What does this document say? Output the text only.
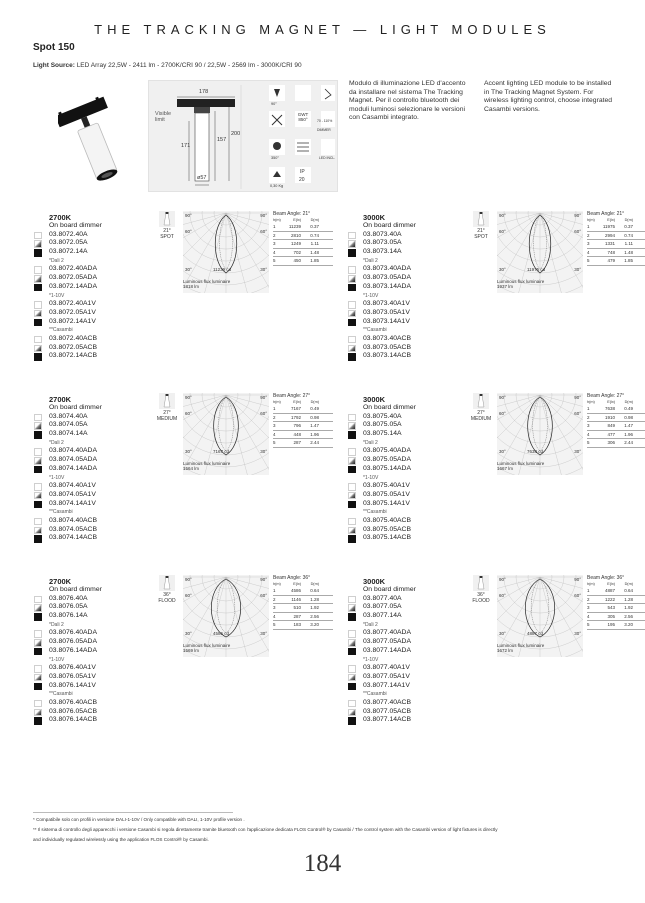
THE TRACKING MAGNET — LIGHT MODULES
Spot 150
Light Source: LED Array 22,5W - 2411 lm - 2700K/CRI 90 / 22,5W - 2569 lm - 3000K/CRI 90
Visible limit
178
171
157
200
ø57
90°
GWT 850°
DIMMER
70 - 110%
350°	LED INCL.
0,30 Kg
IP
20
Modulo di illuminazione LED d'accento da installare nel sistema The Tracking Magnet. Per il controllo bluetooth dei moduli luminosi selezionare le versioni con Casambi integrato.
Accent lighting LED module to be installed in The Tracking Magnet System. For wireless lighting control, choose integrated Casambi versions.
2700K
On board dimmer
03.8072.40A
03.8072.05A
03.8072.14A
*Dali 2
03.8072.40ADA
03.8072.05ADA
03.8072.14ADA
*1-10V
03.8072.40A1V
03.8072.05A1V
03.8072.14A1V
**Casambi
03.8072.40ACB
03.8072.05ACB
03.8072.14ACB
21°
SPOT
90°	90°
60°	60°
30°	30°
11239 cd
Luminous flux luminaire
1818 lm
Beam Angle: 21°
h(m)	E(lx)	D(m)
1	11239	0.37
2	2810	0.74
3	1249	1.11
4	702	1.48
5	450	1.85
3000K
On board dimmer
03.8073.40A
03.8073.05A
03.8073.14A
*Dali 2
03.8073.40ADA
03.8073.05ADA
03.8073.14ADA
*1-10V
03.8073.40A1V
03.8073.05A1V
03.8073.14A1V
**Casambi
03.8073.40ACB
03.8073.05ACB
03.8073.14ACB
21°
SPOT
90°	90°
60°	60°
30°	30°
11975 cd
Luminous flux luminaire
1937 lm
Beam Angle: 21°
h(m)	E(lx)	D(m)
1	11975	0.37
2	2994	0.74
3	1331	1.11
4	748	1.48
5	479	1.85
2700K
On board dimmer
03.8074.40A
03.8074.05A
03.8074.14A
*Dali 2
03.8074.40ADA
03.8074.05ADA
03.8074.14ADA
*1-10V
03.8074.40A1V
03.8074.05A1V
03.8074.14A1V
**Casambi
03.8074.40ACB
03.8074.05ACB
03.8074.14ACB
27°
MEDIUM
90°	90°
60°	60°
30°	30°
7167 cd
Luminous flux luminaire
1564 lm
Beam Angle: 27°
h(m)	E(lx)	D(m)
1	7167	0.49
2	1792	0.98
3	796	1.47
4	448	1.96
5	287	2.44
3000K
On board dimmer
03.8075.40A
03.8075.05A
03.8075.14A
*Dali 2
03.8075.40ADA
03.8075.05ADA
03.8075.14ADA
*1-10V
03.8075.40A1V
03.8075.05A1V
03.8075.14A1V
**Casambi
03.8075.40ACB
03.8075.05ACB
03.8075.14ACB
27°
MEDIUM
90°	90°
60°	60°
30°	30°
7638 cd
Luminous flux luminaire
1667 lm
Beam Angle: 27°
h(m)	E(lx)	D(m)
1	7638	0.49
2	1910	0.98
3	849	1.47
4	477	1.96
5	306	2.44
2700K
On board dimmer
03.8076.40A
03.8076.05A
03.8076.14A
*Dali 2
03.8076.40ADA
03.8076.05ADA
03.8076.14ADA
*1-10V
03.8076.40A1V
03.8076.05A1V
03.8076.14A1V
**Casambi
03.8076.40ACB
03.8076.05ACB
03.8076.14ACB
36°
FLOOD
90°	90°
60°	60°
30°	30°
4586 cd
Luminous flux luminaire
1569 lm
Beam Angle: 36°
h(m)	E(lx)	D(m)
1	4586	0.64
2	1146	1.28
3	510	1.92
4	287	2.56
5	183	3.20
3000K
On board dimmer
03.8077.40A
03.8077.05A
03.8077.14A
*Dali 2
03.8077.40ADA
03.8077.05ADA
03.8077.14ADA
*1-10V
03.8077.40A1V
03.8077.05A1V
03.8077.14A1V
**Casambi
03.8077.40ACB
03.8077.05ACB
03.8077.14ACB
36°
FLOOD
90°	90°
60°	60°
30°	30°
4887 cd
Luminous flux luminaire
1672 lm
Beam Angle: 36°
h(m)	E(lx)	D(m)
1	4887	0.64
2	1222	1.28
3	543	1.92
4	305	2.56
5	195	3.20
* Compatibile solo con profili in versione DALI-1-10V / Only compatible with DALI, 1-10V profile version .
** Il sistema di controllo degli apparecchi i versione Casambi si regola direttamente tramite bluetooth con l'applicazione dedicata FLOS Control® by Casambi / The control system with the Casambi version of light fixtures is directly
and individually regulated wirelessly using the application FLOS Control® by Casambi.
184
